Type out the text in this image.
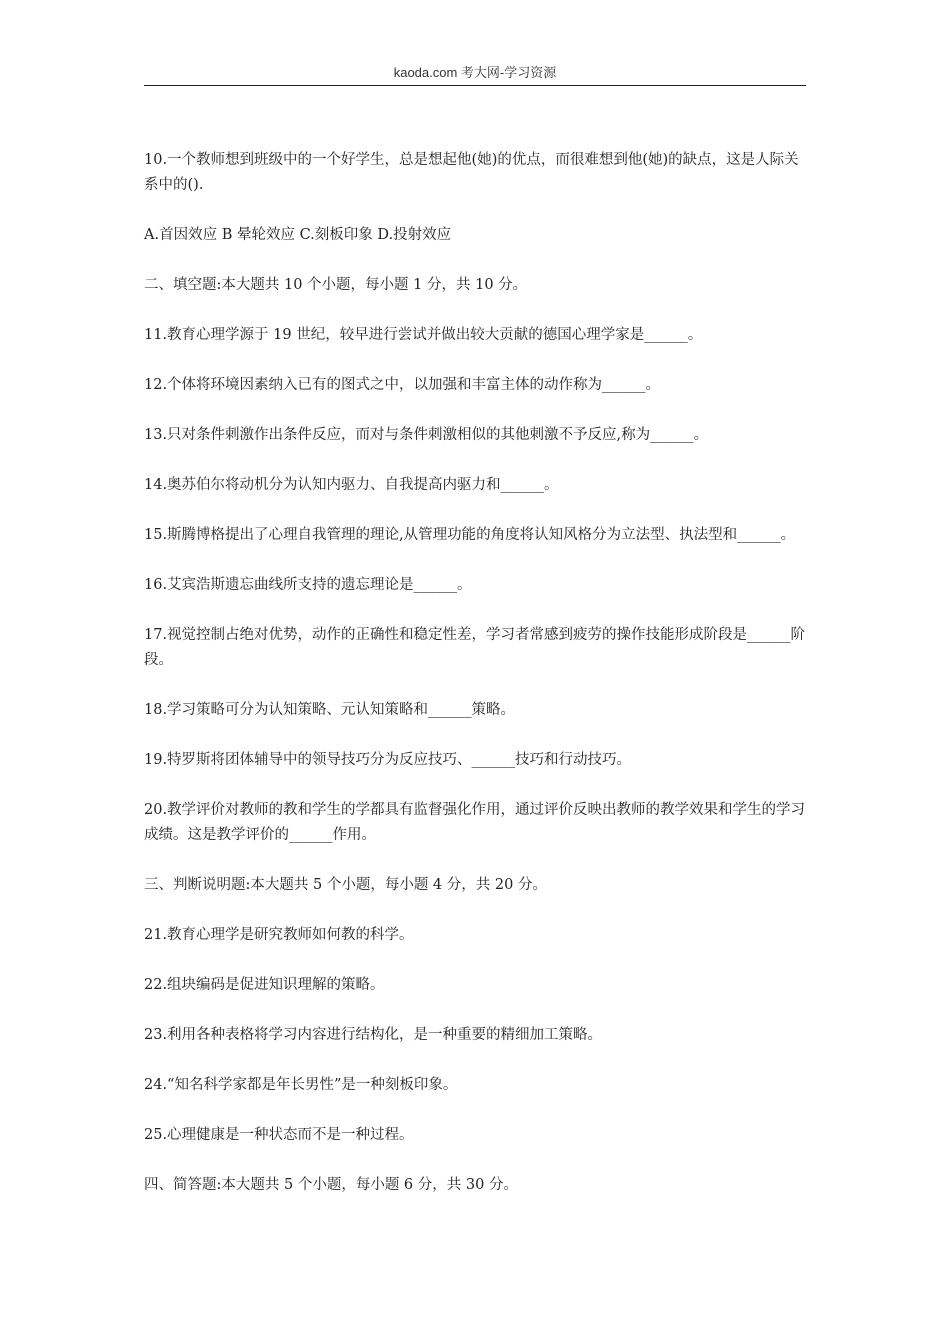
kaoda.com 考大网-学习资源

10.一个教师想到班级中的一个好学生，总是想起他(她)的优点，而很难想到他(她)的缺点，这是人际关系中的().

A.首因效应 B 晕轮效应 C.刻板印象 D.投射效应

二、填空题:本大题共 10 个小题，每小题 1 分，共 10 分。

11.教育心理学源于 19 世纪，较早进行尝试并做出较大贡献的德国心理学家是______。

12.个体将环境因素纳入已有的图式之中，以加强和丰富主体的动作称为______。

13.只对条件刺激作出条件反应，而对与条件刺激相似的其他刺激不予反应,称为______。

14.奥苏伯尔将动机分为认知内驱力、自我提高内驱力和______。

15.斯腾博格提出了心理自我管理的理论,从管理功能的角度将认知风格分为立法型、执法型和______。

16.艾宾浩斯遗忘曲线所支持的遗忘理论是______。

17.视觉控制占绝对优势，动作的正确性和稳定性差，学习者常感到疲劳的操作技能形成阶段是______阶段。

18.学习策略可分为认知策略、元认知策略和______策略。

19.特罗斯将团体辅导中的领导技巧分为反应技巧、______技巧和行动技巧。

20.教学评价对教师的教和学生的学都具有监督强化作用，通过评价反映出教师的教学效果和学生的学习成绩。这是教学评价的______作用。

三、判断说明题:本大题共 5 个小题，每小题 4 分，共 20 分。

21.教育心理学是研究教师如何教的科学。

22.组块编码是促进知识理解的策略。

23.利用各种表格将学习内容进行结构化，是一种重要的精细加工策略。

24.“知名科学家都是年长男性”是一种刻板印象。

25.心理健康是一种状态而不是一种过程。

四、简答题:本大题共 5 个小题，每小题 6 分，共 30 分。
